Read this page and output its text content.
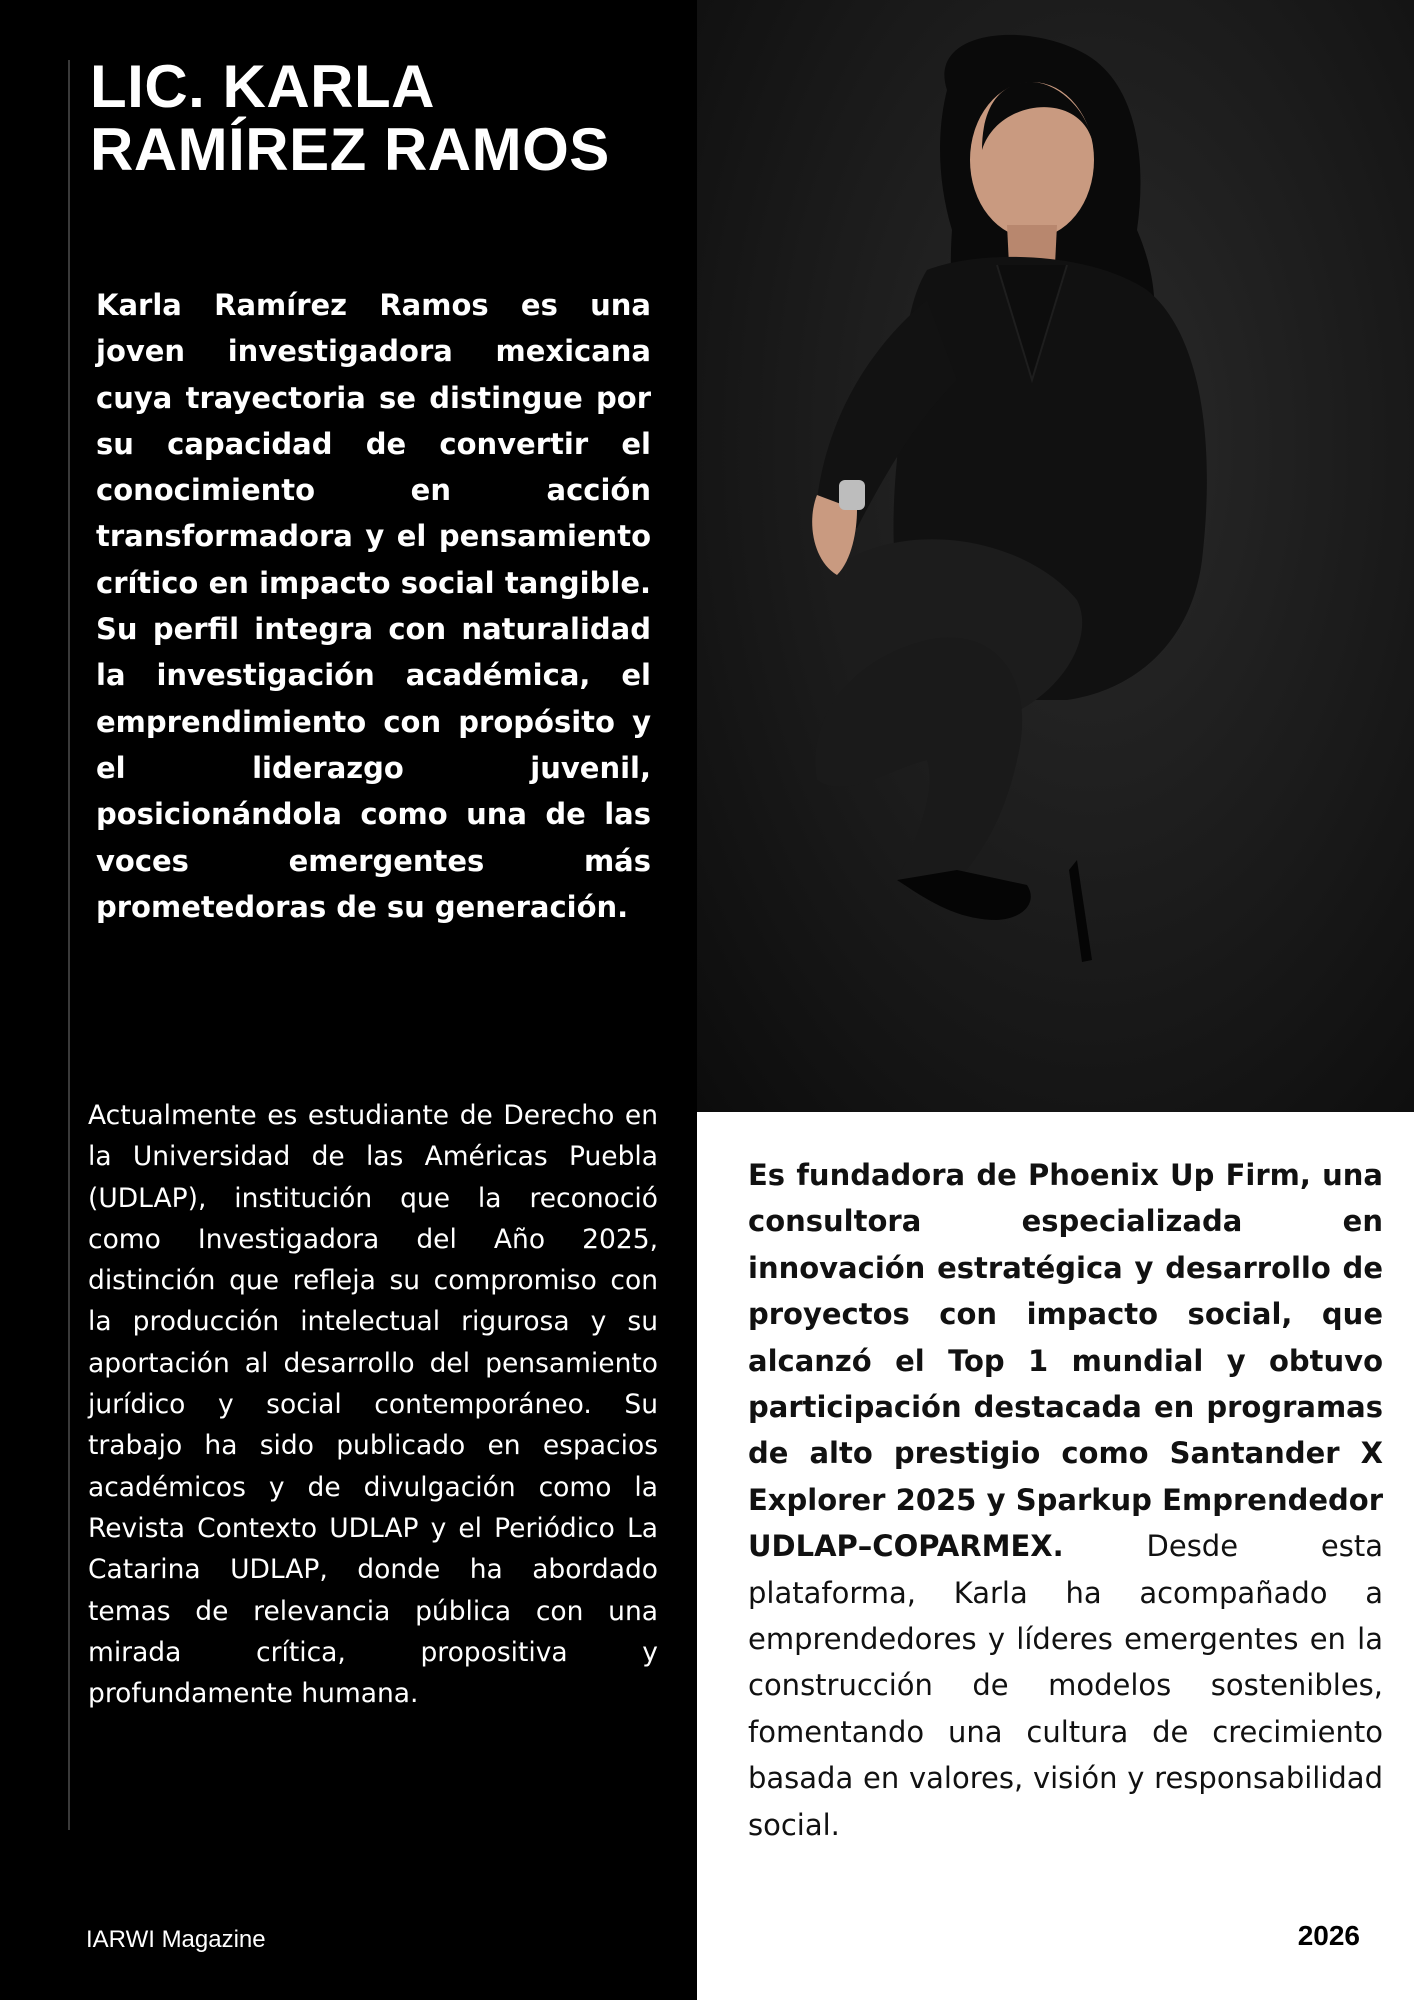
LIC. KARLA
RAMÍREZ RAMOS

Karla Ramírez Ramos es una joven investigadora mexicana cuya trayectoria se distingue por su capacidad de convertir el conocimiento en acción transformadora y el pensamiento crítico en impacto social tangible. Su perfil integra con naturalidad la investigación académica, el emprendimiento con propósito y el liderazgo juvenil, posicionándola como una de las voces emergentes más prometedoras de su generación.

Actualmente es estudiante de Derecho en la Universidad de las Américas Puebla (UDLAP), institución que la reconoció como Investigadora del Año 2025, distinción que refleja su compromiso con la producción intelectual rigurosa y su aportación al desarrollo del pensamiento jurídico y social contemporáneo. Su trabajo ha sido publicado en espacios académicos y de divulgación como la Revista Contexto UDLAP y el Periódico La Catarina UDLAP, donde ha abordado temas de relevancia pública con una mirada crítica, propositiva y profundamente humana.

IARWI Magazine

Es fundadora de Phoenix Up Firm, una consultora especializada en innovación estratégica y desarrollo de proyectos con impacto social, que alcanzó el Top 1 mundial y obtuvo participación destacada en programas de alto prestigio como Santander X Explorer 2025 y Sparkup Emprendedor UDLAP–COPARMEX.	Desde esta plataforma, Karla ha acompañado a emprendedores y líderes emergentes en la construcción de modelos sostenibles, fomentando una cultura de crecimiento basada en valores, visión y responsabilidad social.

2026
